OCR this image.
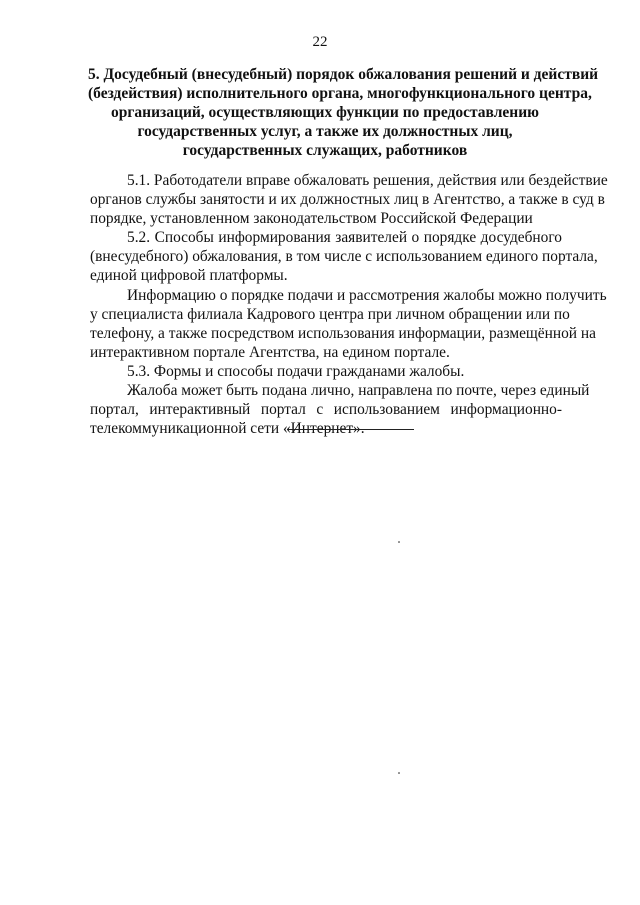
22
5. Досудебный (внесудебный) порядок обжалования решений и действий
(бездействия) исполнительного органа, многофункционального центра,
организаций, осуществляющих функции по предоставлению
государственных услуг, а также их должностных лиц,
государственных служащих, работников

5.1. Работодатели вправе обжаловать решения, действия или бездействие
органов службы занятости и их должностных лиц в Агентство, а также в суд в
порядке, установленном законодательством Российской Федерации

5.2. Способы информирования заявителей о порядке досудебного
(внесудебного) обжалования, в том числе с использованием единого портала,
единой цифровой платформы.

Информацию о порядке подачи и рассмотрения жалобы можно получить
у специалиста филиала Кадрового центра при личном обращении или по
телефону, а также посредством использования информации, размещённой на
интерактивном портале Агентства, на едином портале.

5.3. Формы и способы подачи гражданами жалобы.

Жалоба может быть подана лично, направлена по почте, через единый
портал, интерактивный портал с использованием информационно-
телекоммуникационной сети «Интернет».
